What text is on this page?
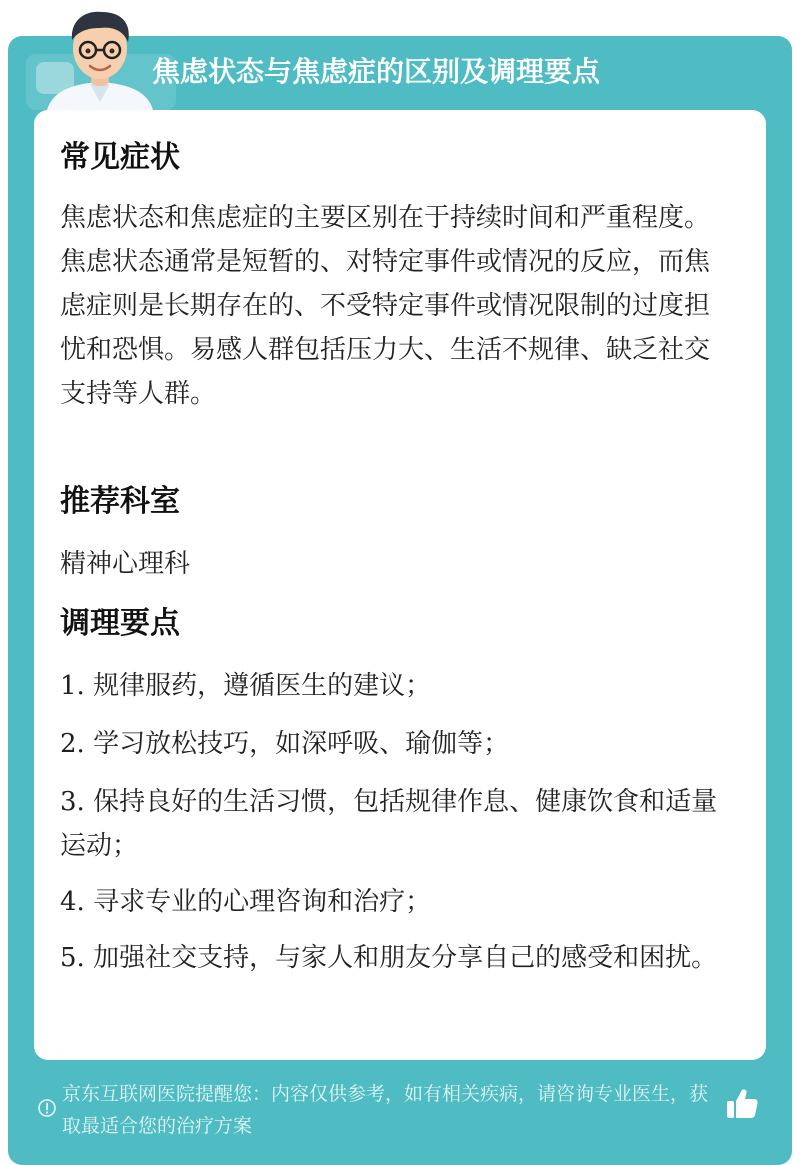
焦虑状态与焦虑症的区别及调理要点
常见症状
焦虑状态和焦虑症的主要区别在于持续时间和严重程度。焦虑状态通常是短暂的、对特定事件或情况的反应，而焦虑症则是长期存在的、不受特定事件或情况限制的过度担忧和恐惧。易感人群包括压力大、生活不规律、缺乏社交支持等人群。
推荐科室
精神心理科
调理要点
1. 规律服药，遵循医生的建议；
2. 学习放松技巧，如深呼吸、瑜伽等；
3. 保持良好的生活习惯，包括规律作息、健康饮食和适量运动；
4. 寻求专业的心理咨询和治疗；
5. 加强社交支持，与家人和朋友分享自己的感受和困扰。
京东互联网医院提醒您：内容仅供参考，如有相关疾病，请咨询专业医生，获取最适合您的治疗方案
